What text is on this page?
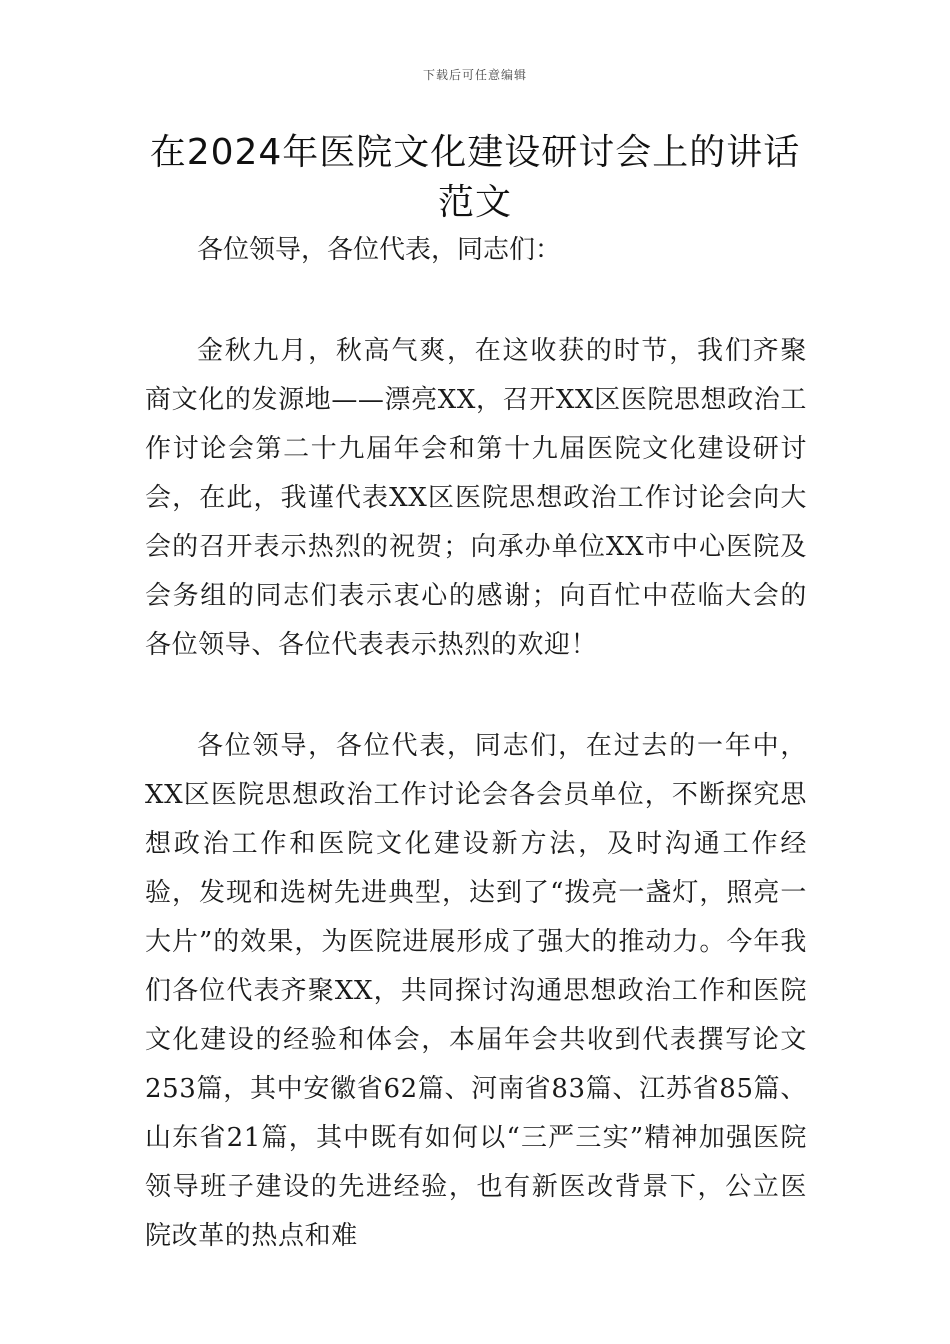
下载后可任意编辑
在2024年医院文化建设研讨会上的讲话范文

各位领导，各位代表，同志们：

金秋九月，秋高气爽，在这收获的时节，我们齐聚商文化的发源地——漂亮XX，召开XX区医院思想政治工作讨论会第二十九届年会和第十九届医院文化建设研讨会，在此，我谨代表XX区医院思想政治工作讨论会向大会的召开表示热烈的祝贺；向承办单位XX市中心医院及会务组的同志们表示衷心的感谢；向百忙中莅临大会的各位领导、各位代表表示热烈的欢迎！

各位领导，各位代表，同志们，在过去的一年中，XX区医院思想政治工作讨论会各会员单位，不断探究思想政治工作和医院文化建设新方法，及时沟通工作经验，发现和选树先进典型，达到了“拨亮一盏灯，照亮一大片”的效果，为医院进展形成了强大的推动力。今年我们各位代表齐聚XX，共同探讨沟通思想政治工作和医院文化建设的经验和体会，本届年会共收到代表撰写论文253篇，其中安徽省62篇、河南省83篇、江苏省85篇、山东省21篇，其中既有如何以“三严三实”精神加强医院领导班子建设的先进经验，也有新医改背景下，公立医院改革的热点和难
